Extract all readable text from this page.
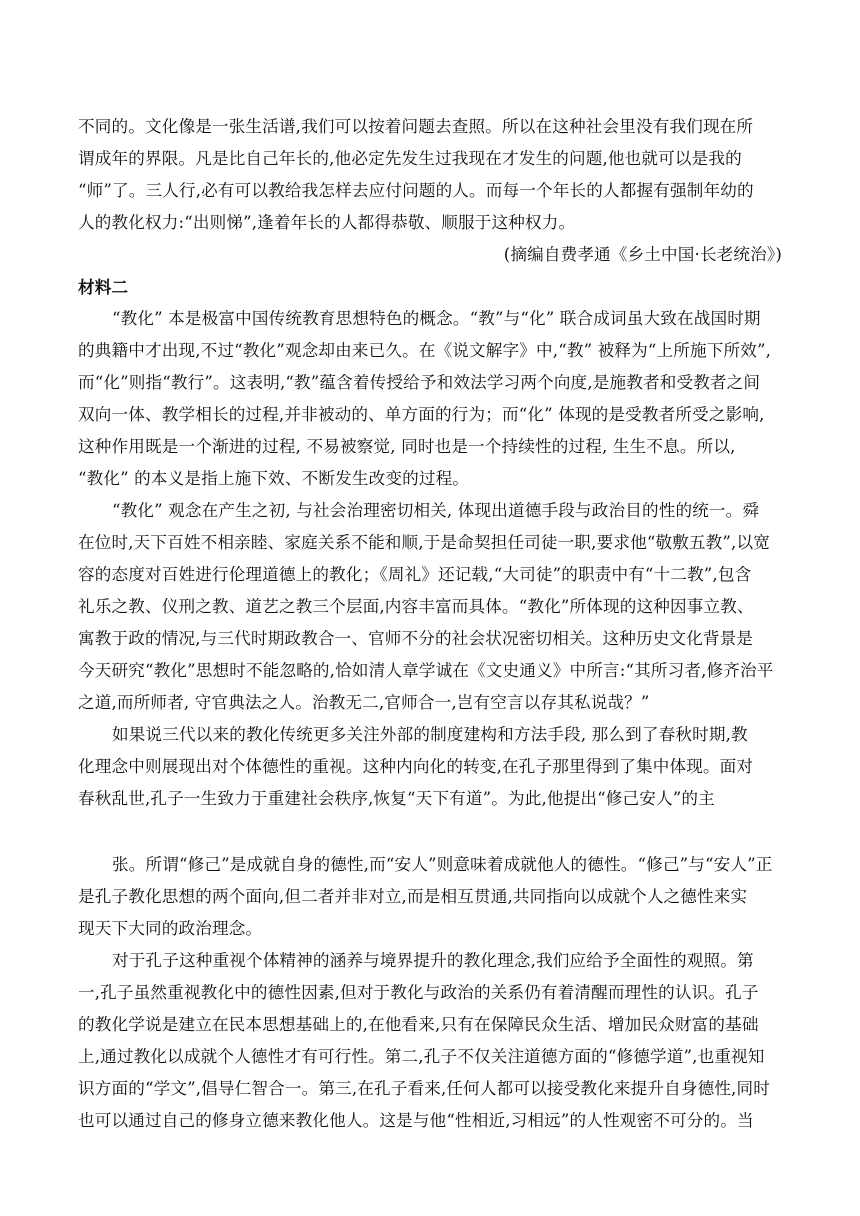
不同的。文化像是一张生活谱,我们可以按着问题去查照。所以在这种社会里没有我们现在所
谓成年的界限。凡是比自己年长的,他必定先发生过我现在才发生的问题,他也就可以是我的
“师”了。三人行,必有可以教给我怎样去应付问题的人。而每一个年长的人都握有强制年幼的
人的教化权力:“出则悌”,逢着年长的人都得恭敬、顺服于这种权力。
(摘编自费孝通《乡土中国·长老统治》)
材料二
“教化” 本是极富中国传统教育思想特色的概念。“教”与“化” 联合成词虽大致在战国时期
的典籍中才出现,不过“教化”观念却由来已久。在《说文解字》中,“教” 被释为“上所施下所效”,
而“化”则指“教行”。这表明,“教”蕴含着传授给予和效法学习两个向度,是施教者和受教者之间
双向一体、教学相长的过程,并非被动的、单方面的行为；而“化” 体现的是受教者所受之影响,
这种作用既是一个渐进的过程, 不易被察觉, 同时也是一个持续性的过程, 生生不息。所以,
“教化” 的本义是指上施下效、不断发生改变的过程。
“教化” 观念在产生之初, 与社会治理密切相关, 体现出道德手段与政治目的性的统一。舜
在位时,天下百姓不相亲睦、家庭关系不能和顺,于是命契担任司徒一职,要求他“敬敷五教”,以宽
容的态度对百姓进行伦理道德上的教化；《周礼》还记载,“大司徒”的职责中有“十二教”,包含
礼乐之教、仪刑之教、道艺之教三个层面,内容丰富而具体。“教化”所体现的这种因事立教、
寓教于政的情况,与三代时期政教合一、官师不分的社会状况密切相关。这种历史文化背景是
今天研究“教化”思想时不能忽略的,恰如清人章学诚在《文史通义》中所言:“其所习者,修齐治平
之道,而所师者, 守官典法之人。治教无二,官师合一,岂有空言以存其私说哉？”
如果说三代以来的教化传统更多关注外部的制度建构和方法手段, 那么到了春秋时期,教
化理念中则展现出对个体德性的重视。这种内向化的转变,在孔子那里得到了集中体现。面对
春秋乱世,孔子一生致力于重建社会秩序,恢复“天下有道”。为此,他提出“修己安人”的主
张。所谓“修己”是成就自身的德性,而“安人”则意味着成就他人的德性。“修己”与“安人”正
是孔子教化思想的两个面向,但二者并非对立,而是相互贯通,共同指向以成就个人之德性来实
现天下大同的政治理念。
对于孔子这种重视个体精神的涵养与境界提升的教化理念,我们应给予全面性的观照。第
一,孔子虽然重视教化中的德性因素,但对于教化与政治的关系仍有着清醒而理性的认识。孔子
的教化学说是建立在民本思想基础上的,在他看来,只有在保障民众生活、增加民众财富的基础
上,通过教化以成就个人德性才有可行性。第二,孔子不仅关注道德方面的“修德学道”,也重视知
识方面的“学文”,倡导仁智合一。第三,在孔子看来,任何人都可以接受教化来提升自身德性,同时
也可以通过自己的修身立德来教化他人。这是与他“性相近,习相远”的人性观密不可分的。当
